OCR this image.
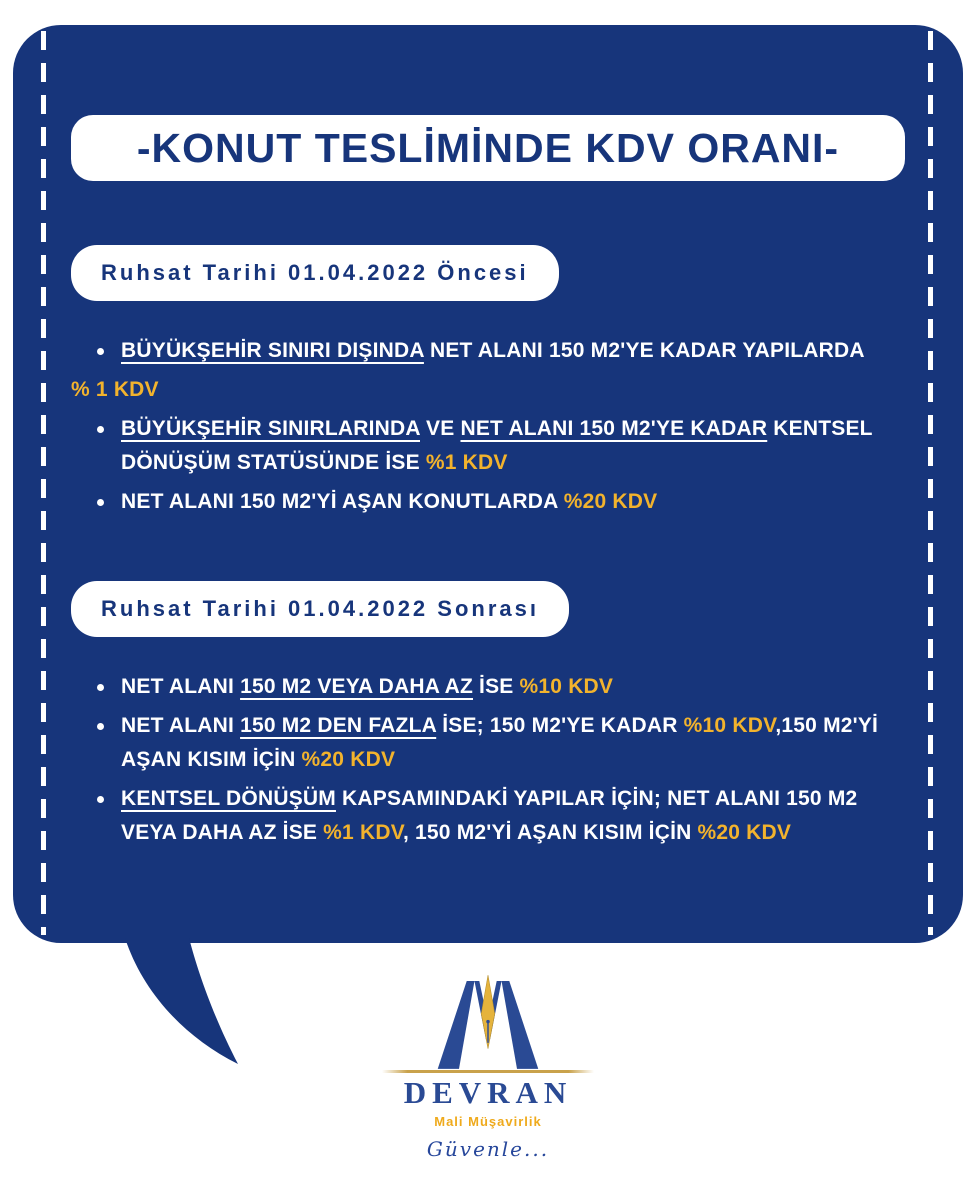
-KONUT TESLİMİNDE KDV ORANI-
Ruhsat Tarihi 01.04.2022 Öncesi
BÜYÜKŞEHİR SINIRI DIŞINDA NET ALANI 150 M2'YE KADAR YAPILARDA
% 1 KDV
BÜYÜKŞEHİR SINIRLARINDA VE NET ALANI 150 M2'YE KADAR KENTSEL
DÖNÜŞÜM STATÜSÜNDE İSE %1 KDV
NET ALANI 150 M2'Yİ AŞAN KONUTLARDA %20 KDV
Ruhsat Tarihi 01.04.2022 Sonrası
NET ALANI 150 M2 VEYA DAHA AZ İSE %10 KDV
NET ALANI 150 M2 DEN FAZLA İSE; 150 M2'YE KADAR %10 KDV,150 M2'Yİ
AŞAN KISIM İÇİN %20 KDV
KENTSEL DÖNÜŞÜM KAPSAMINDAKİ YAPILAR İÇİN; NET ALANI 150 M2
VEYA DAHA AZ İSE %1 KDV, 150 M2'Yİ AŞAN KISIM İÇİN %20 KDV
DEVRAN
Mali Müşavirlik
Güvenle...
